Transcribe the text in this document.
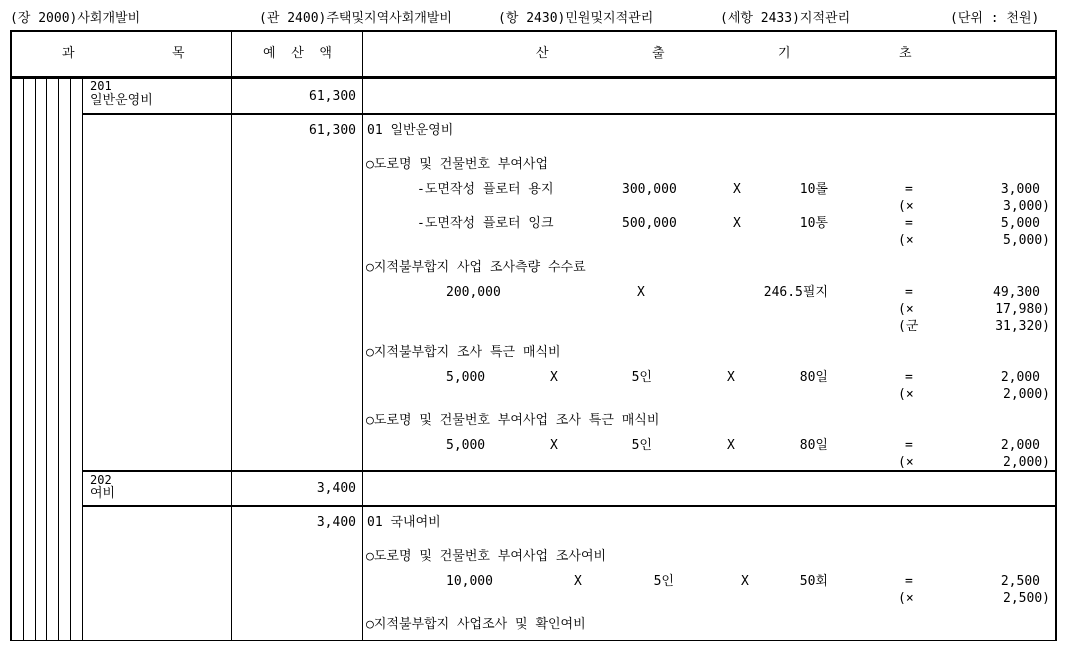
(장 2000)사회개발비	(관 2400)주택및지역사회개발비	(항 2430)민원및지적관리	(세항 2433)지적관리	(단위 : 천원)
과	목	예  산  액	산	출	기	초
201
일반운영비	61,300
61,300 01 일반운영비
○도로명 및 건물번호 부여사업
-도면작성 플로터 용지	300,000	X	10롤	=	3,000
(×	3,000)
-도면작성 플로터 잉크	500,000	X	10통	=	5,000
(×	5,000)
○지적불부합지 사업 조사측량 수수료
200,000	X	246.5필지	=	49,300
(×	17,980)
(군	31,320)
○지적불부합지 조사 특근 매식비
5,000	X	5인	X	80일	=	2,000
(×	2,000)
○도로명 및 건물번호 부여사업 조사 특근 매식비
5,000	X	5인	X	80일	=	2,000
(×	2,000)
202
여비	3,400
3,400 01 국내여비
○도로명 및 건물번호 부여사업 조사여비
10,000	X	5인	X	50회	=	2,500
(×	2,500)
○지적불부합지 사업조사 및 확인여비
